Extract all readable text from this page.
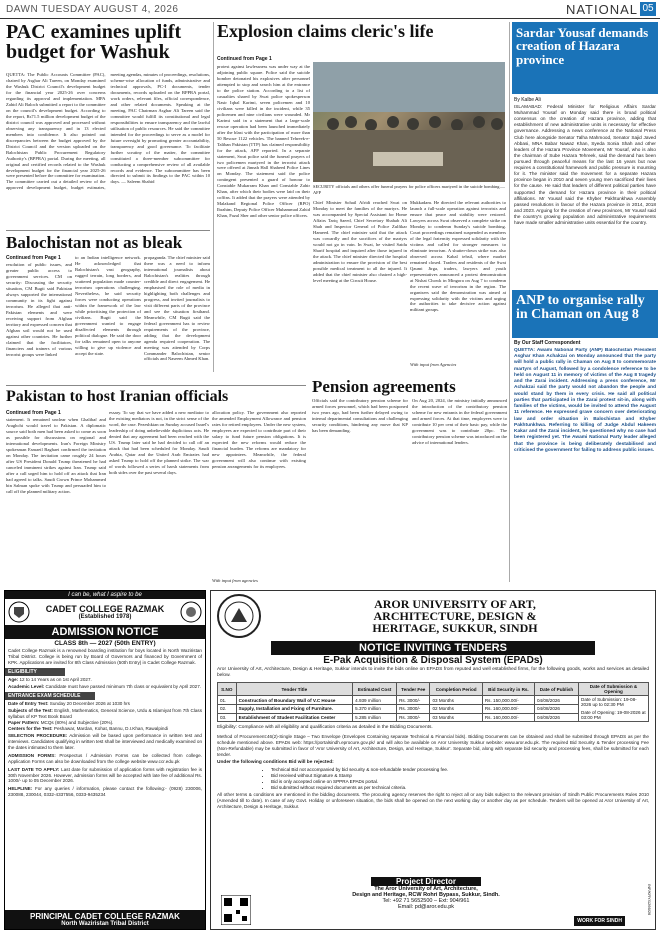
DAWN TUESDAY AUGUST 4, 2026	NATIONAL 05
PAC examines uplift budget for Washuk
QUETTA: The Public Accounts Committee (PAC), chaired by Asghar Ali Tareen, on Monday examined the Washuk District Council's development budget for the financial year 2025-26 over concerns regarding its approval and implementation. MPA Zahid Ali Baloch submitted a report to the committee on the council's development budget. According to the report, Rs71.5 million development budget of the district council was approved and processed without observing any transparency and in 13 elected members into confidence. It also pointed out discrepancies between the budget approved by the District Council and the version uploaded on the Balochistan Public Procurement Regulatory Authority's (BPPRA) portal. During the meeting, all original and certified records related to the Washuk development budget for the financial year 2025-26 were presented before the committee for examination. The committee carried out a detailed review of the approved development budget, budget estimates, meeting agendas, minutes of proceedings, resolutions, scheme-wise allocation of funds, administrative and technical approvals, PC-I documents, tender documents, records uploaded on the BPPRA portal, work orders, relevant files, official correspondence, and other related documents. Speaking at the meeting, PAC Chairman Asghar Ali Tareen said the committee would fulfill its constitutional and legal responsibilities to ensure transparency and the lawful utilisation of public resources. He said the committee intended for the proceedings to serve as a model for future oversight by promoting greater accountability, transparency and good governance. To facilitate further scrutiny of the matter, the committee constituted a three-member subcommittee for conducting a comprehensive review of all available records and evidence. The subcommittee has been directed to submit its findings to the PAC within 10 days. — Saleem Shahid
Explosion claims cleric's life
Continued from Page 1
protest against lawlessness was under way at the adjoining public square. Police said the suicide bomber detonated his explosives after personnel attempted to stop and search him at the entrance to the police station. According to a list of casualties shared by Swat police spokesperson Nasir Iqbal Karimi, seven policemen and 10 civilians were killed in the incident, while 35 policemen and nine civilians were wounded. Mr Karimi said in a statement that a large-scale rescue operation had been launched immediately after the blast with the participation of more than 50 Rescue 1122 vehicles. The banned Tehreek-e-Taliban Pakistan (TTP) has claimed responsibility for the attack, AFP reported. In a separate statement, Swat police said the funeral prayers of two policemen martyred in the terrorist attack were offered at Jinnah Hall Shaheed Police Lines on Monday. The statement said the police contingent presented a guard of honour to Constable Mukarram Khan and Constable Zahir Khan, after which their bodies were laid on their coffins. It added that the prayers were attended by Malakand Regional Police Officer (RPO) Ibrahim, Deputy Police Officer Muhammad Zahid Khan, Fazal Sher and other senior police officers.
SECURITY officials and others offer funeral prayers for police officers martyred in the suicide bombing.—AFP
Chief Minister Sohail Afridi reached Swat on Monday to meet the families of the martyrs. He was accompanied by Special Assistant for Home Affairs Tariq Saeed, Chief Secretary Shahab Ali Shah and Inspector General of Police Zulfikar Hameed. The chief minister said that the attack was cowardly and the sacrifices of the martyrs would not go in vain. In Swat, he visited Saidu Sharif hospital and inquired after those injured in the attack. The chief minister directed the hospital administration to ensure the provision of the best possible medical treatment to all the injured. It added that the chief minister also chaired a high-level meeting at the Circuit House.
Mukkadam. He directed the relevant authorities to launch a full-scale operation against terrorists and ensure that peace and stability were restored. Lawyers across Swat observed a complete strike on Monday to condemn Sunday's suicide bombing. Court proceedings remained suspended as members of the legal fraternity expressed solidarity with the victims and called for stronger measures to eliminate terrorism. A shutter-down strike was also observed across Kabal tehsil, where market remained closed. Traders and residents of the Swat Qaumi Jirga, traders, lawyers and youth representatives announced a protest demonstration at Nishat Chowk in Mingora on Aug 7 to condemn the recent wave of terrorism in the region. The organisers said the demonstration was aimed at expressing solidarity with the victims and urging the authorities to take decisive action against militant groups.
With input from Agencies
Balochistan not as bleak
Continued from Page 1
resolution of public issues, and greater public access to government services. CM on security: Discussing the security situation, CM Bugti said Pakistan always supported the international community in its fight against terrorism. He alleged that anti-Pakistan elements and were receiving support from Afghan territory and expressed concern that Afghan soil would not be used against other countries. He further claimed that the facilitators, financiers and trainers of various terrorist groups were linked
to an Indian intelligence network. He acknowledged that Balochistan's vast geography, rugged terrain, long borders, and scattered population made counter-terrorism operations challenging. Nevertheless, he said security forces were conducting operations within the framework of the law while prioritising the protection of civilians. Bugti said the government wanted to engage disaffected elements through political dialogue. He said the door for talks remained open to anyone willing to give up violence and accept the state.
propaganda. The chief minister said there was a need to inform international journalists about Balochistan's realities through credible and direct engagement. He emphasised the role of media in highlighting both challenges and progress, and invited journalists to visit different parts of the province and see the situation firsthand. Meanwhile, CM Bugti said the federal government has to review requirements of the province, adding that the development agenda required cooperation. The meeting was attended by Corps Commander Balochistan, senior officials and Naseem Ahmed Khan.
Pakistan to host Iranian officials
Continued from Page 1
statement. It remained unclear when Ghalibaf and Araghchi would travel to Pakistan. A diplomatic source said both men had been asked to come as soon as possible for discussions on regional and international developments. Iran's Foreign Ministry spokesman Esmaeil Baghaei confirmed the invitation on Monday. The invitation came roughly 24 hours after US President Donald Trump threatened he had canceled imminent strikes against Iran. Trump said after a call urged him to hold off an attack that Iran had agreed to talks. Saudi Crown Prince Mohammed bin Salman spoke with Trump and persuaded him to call off the planned military action.
essary. To say that we have added a new mediator to the existing mediators is not, in the strict sense of the word, the case. Pezeshkian on Sunday accused Israel's leadership of doing unbelievable duplicitous acts. He denied that any agreement had been reached with the US. Trump later said he had decided to call off an attack that had been scheduled for Monday. Saudi Arabia, Qatar and the United Arab Emirates had asked Trump to hold off the planned strike. The war of words followed a series of harsh statements from both sides over the past several days.
allocation policy. The government also reported the amended Employment Allowance and pension rates for retired employees. Under the new system, employees are expected to contribute part of their salary to fund future pension obligations. It is expected the new reforms would reduce the financial burden. The reforms are mandatory for new appointees. Meanwhile, the federal government will also continue with existing pension arrangements for its employees.
With input from agencies
Pension agreements
Officials said the contributory pension scheme for armed forces personnel, which had been postponed two years ago, had been further delayed owing to internal departmental consultations and challenging security conditions, hindering any move that KP has been demanding.
On Aug 20, 2024, the ministry initially announced the introduction of the contributory pension scheme for new entrants in the federal government and armed forces. At that time, employees were to contribute 10 per cent of their basic pay, while the government was to contribute 20pc. The contributory pension scheme was introduced on the advice of international lenders.
Sardar Yousaf demands creation of Hazara province
By Kalbe Ali
ISLAMABAD: Federal Minister for Religious Affairs Sardar Muhammad Yousaf on Monday said there is broad political consensus on the creation of Hazara province, adding that establishment of new administrative units is necessary for effective governance. Addressing a news conference at the National Press Club here alongside Senator Talha Mahmood, Senator Sajid Javed Abbasi, MNA Babar Nawaz Khan, Syeda Sonia Shah and other leaders of the Hazara Province Movement, Mr Yousaf, who is also the chairman of Sube Hazara Tehreek, said the demand has been pursued through peaceful means for the last 16 years but now requires a constitutional framework and public pressure is mounting for it. The minister said the movement for a separate Hazara province began in 2010 and seven young men sacrificed their lives for the cause. He said that leaders of different political parties have supported the demand for Hazara province in their political affiliations. Mr Yousaf said the Khyber Pakhtunkhwa Assembly passed resolutions in favour of the Hazara province in 2014, 2018 and 2023. Arguing for the creation of new provinces, Mr Yousaf said the country's growing population and administrative requirements have made smaller administrative units essential for the country.
ANP to organise rally in Chaman on Aug 8
By Our Staff Correspondent
QUETTA: Awami National Party (ANP) Balochistan President Asghar Khan Achakzai on Monday announced that the party will hold a public rally in Chaman on Aug 8 to commemorate martyrs of August, followed by a condolence reference to be held on August 11 in memory of victims of the Aug 8 tragedy and the Zarai incident. Addressing a press conference, Mr Achakzai said the party would not abandon the people and would stand by them in every crisis. He said all political parties that participated in the Zarai protest sit-in, along with families of the victims, would be invited to attend the August 11 reference. He expressed grave concern over deteriorating law and order situation in Balochistan and Khyber Pakhtunkhwa. Referring to killing of Judge Abdul Hakeem Kakar and the Zarai incident, he questioned why no case had been registered yet. The Awami National Party leader alleged that the province is being deliberately destabilised and criticised the government for failing to address public issues.
I can be, what I aspire to be
CADET COLLEGE RAZMAK
(Established 1978)
ADMISSION NOTICE
CLASS 8th — 2027 (50th ENTRY)
Cadet College Razmak is a renowned boarding institution for boys located in North Waziristan Tribal District. College is being run by Board of Governors and financed by Government of KPK. Applications are invited for 8th Class Admission (50th Entry) in Cadet College Razmak.
ELIGIBILITY
Age: 12 to 14 Years as on 1st April 2027.
Academic Level: Candidate must have passed minimum 7th class or equivalent by April 2027.
ENTRANCE EXAM SCHEDULE
Date of Entry Test: Sunday 20 December 2026 at 1030 hrs
Subjects of the Test: English, Mathematics, General Science, Urdu & Islamiyat from 7th Class syllabus of KP Text Book Board
Paper Pattern: MCQs (80%) and Subjective (20%).
Centers for the Test: Peshawar, Mardan, Kohat, Bannu, D.I.Khan, Rawalpindi
SELECTION PROCEDURE: Admission will be based upon performance in written test and interviews. Candidates qualifying in written test shall be interviewed and medically examined on the dates intimated to them later.
ADMISSION FORMS: Prospectus / Admission Forms can be collected from college. Application Forms can also be downloaded from the college website www.ccr.edu.pk
LAST DATE TO APPLY: Last date for submission of application forms with registration fee is 30th November 2026. However, admission forms will be accepted with late fee of additional Rs. 1000/- up to 05 December 2026.
HELPLINE: For any queries / information, please contact the following:- (0928) 230006, 230088, 230044, 0332-4337556, 0333-9435234
PRINCIPAL CADET COLLEGE RAZMAK
North Waziristan Tribal District
AROR UNIVERSITY OF ART,
ARCHITECTURE, DESIGN &
HERITAGE, SUKKUR, SINDH
NOTICE INVITING TENDERS
E-Pak Acquisition & Disposal System (EPADs)
Aror University of Art, Architecture, Design & Heritage, Sukkur intends to invite the bids online on EPADS from reputed and well established firms, for the following goods, works and services as detailed below.
S.NO	Tender Title	Estimated Cost	Tender Fee	Completion Period	Bid Security in Rs.	Date of Publish	Date of Submission & Opening
01.	Construction of Boundary Wall of V.C House	4.939 million	Rs. 3000/-	03 Months	Rs. 150,000.00/-	04/08/2026	Date of Submission: 19-08-2026 up to 02:30 PM
Date of Opening: 19-08-2026 at 03:00 PM

02.	Supply, Installation and Fixing of Furniture.	5.370 million	Rs. 3000/-	02 Months	Rs. 160,000.00/-	04/08/2026	
03.	Establishment of Student Facilitation Center	5.285 million	Rs. 3000/-	03 Months	Rs. 160,000.00/-	04/08/2026	
Eligibility: Compliance with all eligibility and qualification criteria as detailed in the Bidding Documents.
Method of Procurement:46(2)-Single Stage – Two Envelope (Envelopes Containing separate Technical & Financial bids). Bidding Documents can be obtained and shall be submitted through EPADS as per the schedule mentioned above. EPADs web: https://portalsindh.eprocure.gov.pk/ and will also be available on Aror University Sukkur website: www.aror.edu.pk. The required Bid Security & Tender processing Fee (Non-Refundable) may be submitted in favor of 'Aror University of Art, Architecture, Design, and Heritage, Sukkur'. Separate bid, along with separate bid security and processing fees, shall be submitted for each tender.
Under the following conditions Bid will be rejected:
• Technical Bid not accompanied by bid security & non-refundable tender processing fee.
• Bid received without Signature & Stamp
• Bid is only accepted online on SPPRA EPADs portal.
• Bid submitted without required documents as per technical criteria.
All other terms & conditions are mentioned in the bidding documents. The procuring agency reserves the right to reject all or any bids subject to the relevant provision of Sindh Public Procurements Rules 2010 (Amended till to date). In case of any Govt. Holiday or unforeseen situation, the bids shall be opened on the next working day or another day as per schedule. Tenders will be opened at Aror University of Art, Architecture, Design & Heritage, Sukkur.
Project Director
The Aror University of Art, Architecture,
Design and Heritage, RCW Rohri Bypass, Sukkur, Sindh.
Tel: +92 71 5652500 – Ext: 904/961
Email: pd@aror.edu.pk
WORK FOR SINDH
INF/KRY/1266/26
